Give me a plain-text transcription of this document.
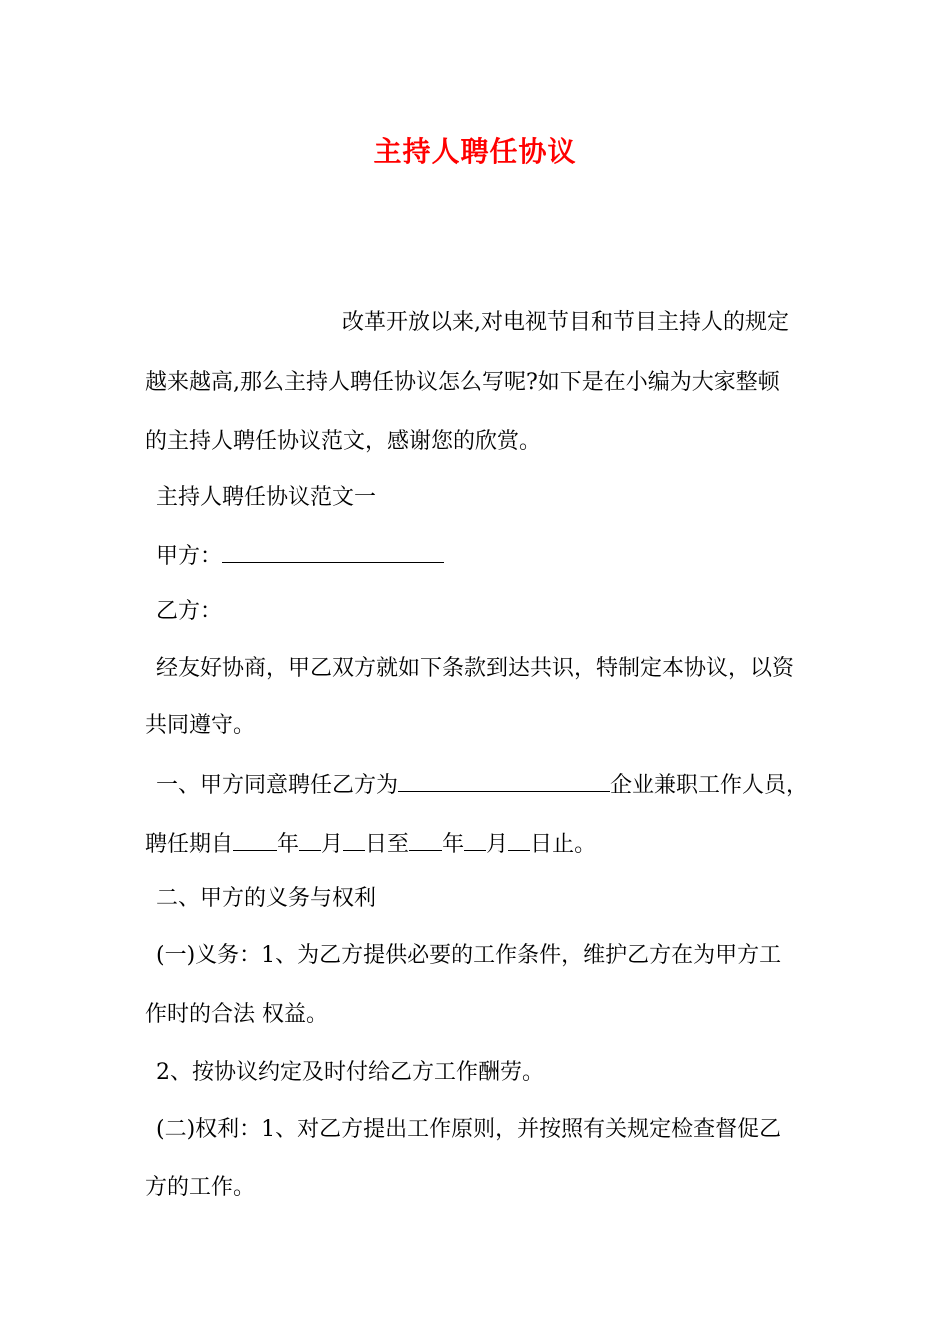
主持人聘任协议
改革开放以来,对电视节目和节目主持人的规定
越来越高,那么主持人聘任协议怎么写呢?如下是在小编为大家整顿
的主持人聘任协议范文，感谢您的欣赏。
主持人聘任协议范文一
甲方：
乙方：
经友好协商，甲乙双方就如下条款到达共识，特制定本协议，以资
共同遵守。
一、甲方同意聘任乙方为	企业兼职工作人员，
聘任期自 年 月 日至 年 月 日止。
二、甲方的义务与权利
(一)义务：1、为乙方提供必要的工作条件，维护乙方在为甲方工
作时的合法 权益。
2、按协议约定及时付给乙方工作酬劳。
(二)权利：1、对乙方提出工作原则，并按照有关规定检查督促乙
方的工作。
